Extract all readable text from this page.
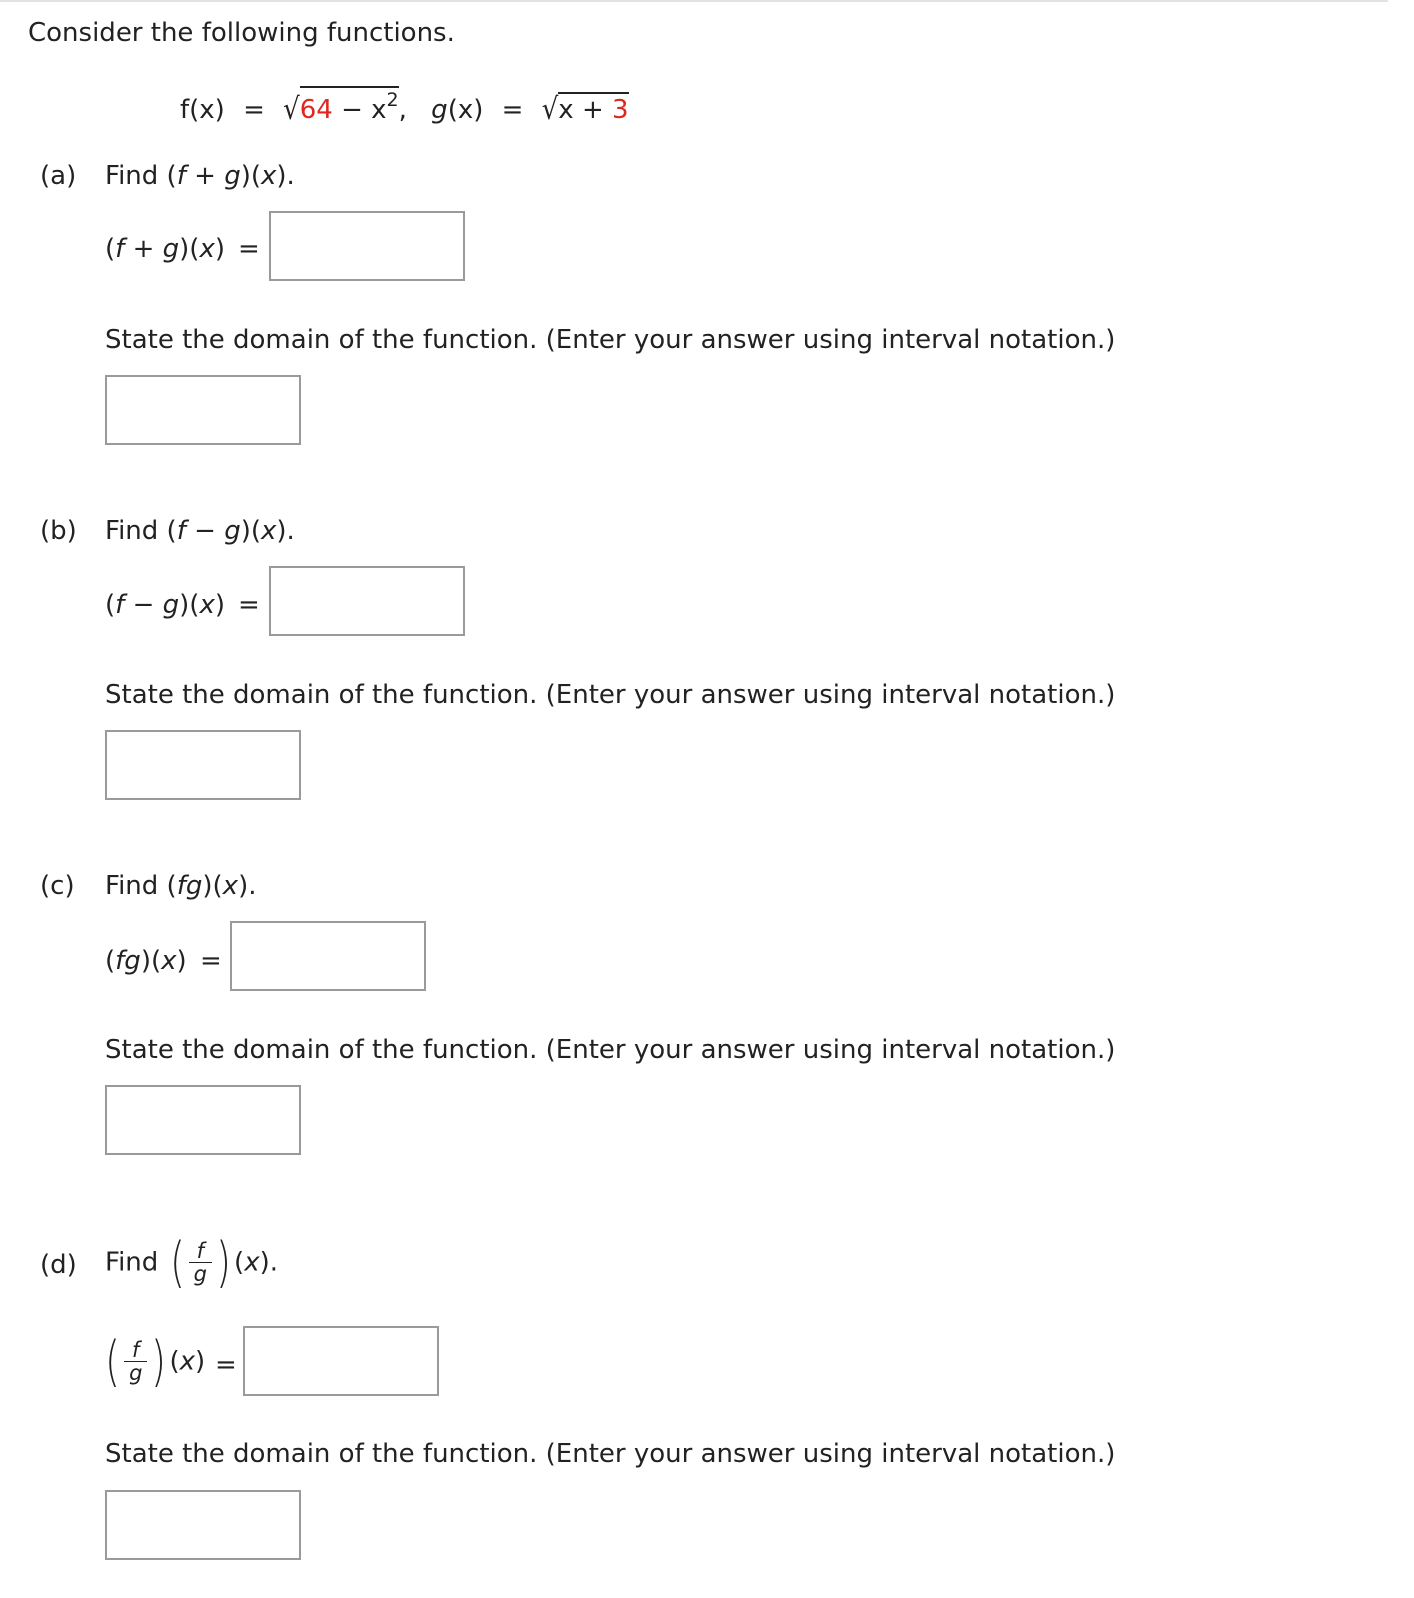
Consider the following functions.
$f(x) = √64 - x^2$, g(x) = √x + 3
(a) Find (f + g)(x).
(f + g)(x) =
State the domain of the function. (Enter your answer using interval notation.)
(b) Find (f − g)(x).
(f − g)(x) =
State the domain of the function. (Enter your answer using interval notation.)
(c) Find (fg)(x).
(fg)(x) =
State the domain of the function. (Enter your answer using interval notation.)
(d) Find ( $\frac{f}{g}$ ) (x).
( $\frac{f}{g}$ ) (x) =
State the domain of the function. (Enter your answer using interval notation.)
